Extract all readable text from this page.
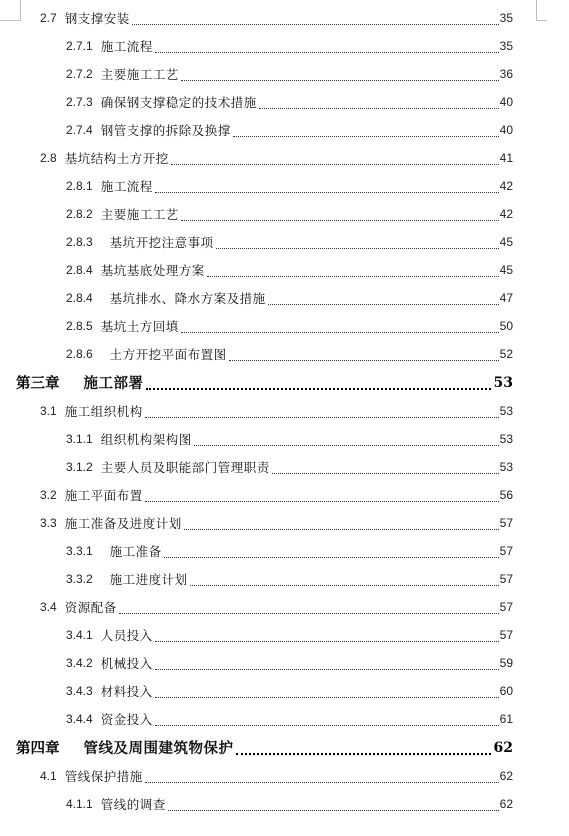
2.7 钢支撑安装	35
2.7.1 施工流程	35
2.7.2 主要施工工艺	36
2.7.3 确保钢支撑稳定的技术措施	40
2.7.4 钢管支撑的拆除及换撑	40
2.8 基坑结构土方开挖	41
2.8.1 施工流程	42
2.8.2 主要施工工艺	42
2.8.3 基坑开挖注意事项	45
2.8.4 基坑基底处理方案	45
2.8.4 基坑排水、降水方案及措施	47
2.8.5 基坑土方回填	50
2.8.6 土方开挖平面布置图	52
第三章 施工部署	53
3.1 施工组织机构	53
3.1.1 组织机构架构图	53
3.1.2 主要人员及职能部门管理职责	53
3.2 施工平面布置	56
3.3 施工准备及进度计划	57
3.3.1 施工准备	57
3.3.2 施工进度计划	57
3.4 资源配备	57
3.4.1 人员投入	57
3.4.2 机械投入	59
3.4.3 材料投入	60
3.4.4 资金投入	61
第四章 管线及周围建筑物保护	62
4.1 管线保护措施	62
4.1.1 管线的调查	62
